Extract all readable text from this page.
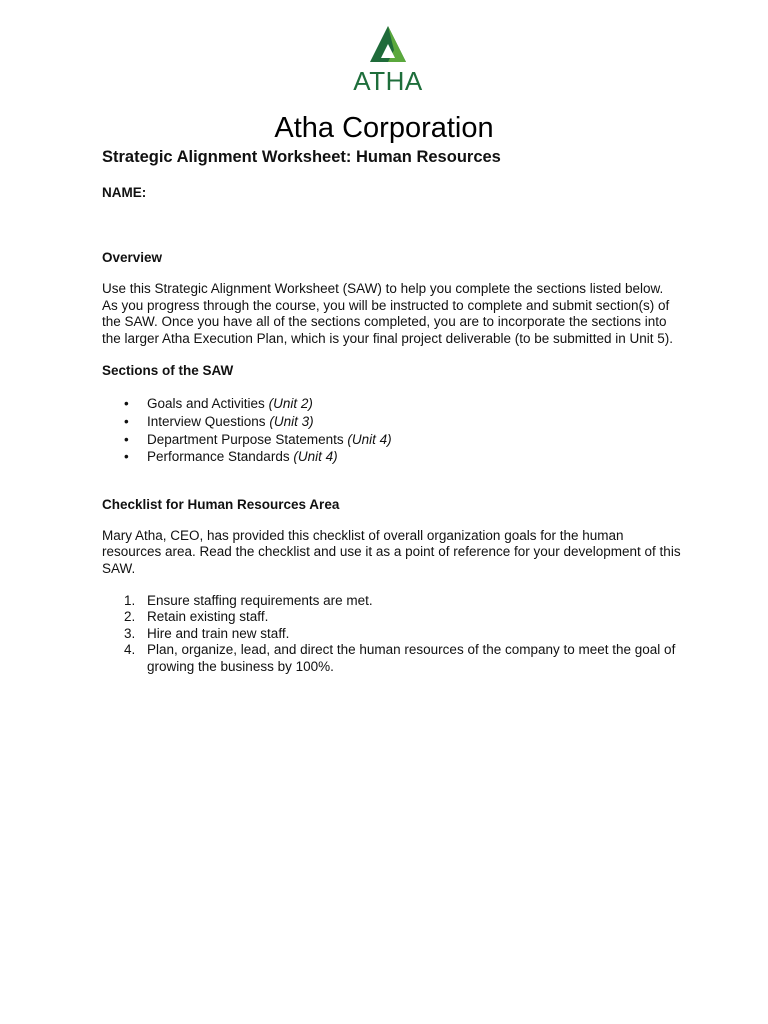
ATHA
Atha Corporation

Strategic Alignment Worksheet: Human Resources

NAME:

Overview

Use this Strategic Alignment Worksheet (SAW) to help you complete the sections listed below. As you progress through the course, you will be instructed to complete and submit section(s) of the SAW. Once you have all of the sections completed, you are to incorporate the sections into the larger Atha Execution Plan, which is your final project deliverable (to be submitted in Unit 5).

Sections of the SAW

• Goals and Activities (Unit 2)
• Interview Questions (Unit 3)
• Department Purpose Statements (Unit 4)
• Performance Standards (Unit 4)

Checklist for Human Resources Area

Mary Atha, CEO, has provided this checklist of overall organization goals for the human resources area. Read the checklist and use it as a point of reference for your development of this SAW.

1. Ensure staffing requirements are met.
2. Retain existing staff.
3. Hire and train new staff.
4. Plan, organize, lead, and direct the human resources of the company to meet the goal of growing the business by 100%.
